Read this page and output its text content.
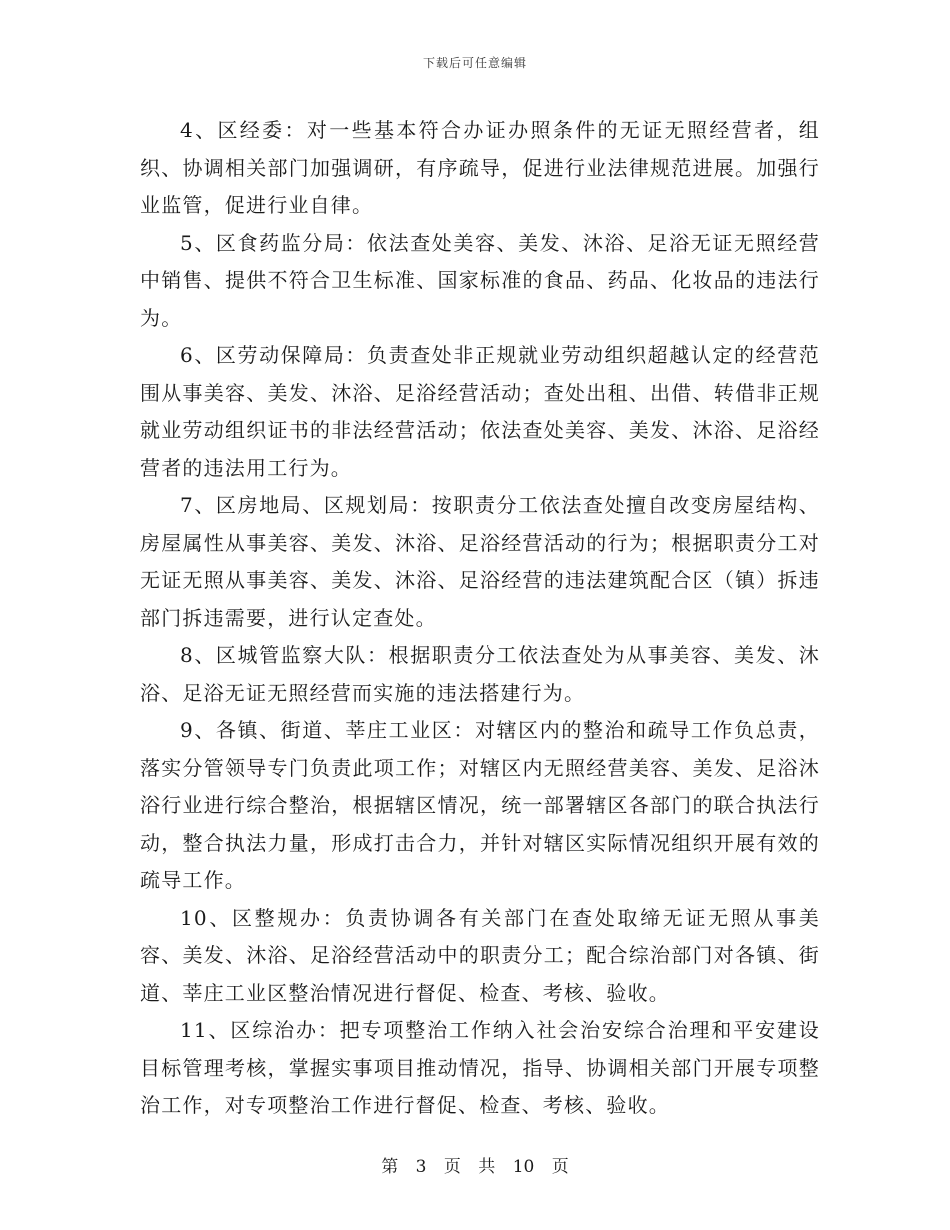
下载后可任意编辑

4、区经委：对一些基本符合办证办照条件的无证无照经营者，组织、协调相关部门加强调研，有序疏导，促进行业法律规范进展。加强行业监管，促进行业自律。

5、区食药监分局：依法查处美容、美发、沐浴、足浴无证无照经营中销售、提供不符合卫生标准、国家标准的食品、药品、化妆品的违法行为。

6、区劳动保障局：负责查处非正规就业劳动组织超越认定的经营范围从事美容、美发、沐浴、足浴经营活动；查处出租、出借、转借非正规就业劳动组织证书的非法经营活动；依法查处美容、美发、沐浴、足浴经营者的违法用工行为。

7、区房地局、区规划局：按职责分工依法查处擅自改变房屋结构、房屋属性从事美容、美发、沐浴、足浴经营活动的行为；根据职责分工对无证无照从事美容、美发、沐浴、足浴经营的违法建筑配合区（镇）拆违部门拆违需要，进行认定查处。

8、区城管监察大队：根据职责分工依法查处为从事美容、美发、沐浴、足浴无证无照经营而实施的违法搭建行为。

9、各镇、街道、莘庄工业区：对辖区内的整治和疏导工作负总责，落实分管领导专门负责此项工作；对辖区内无照经营美容、美发、足浴沐浴行业进行综合整治，根据辖区情况，统一部署辖区各部门的联合执法行动，整合执法力量，形成打击合力，并针对辖区实际情况组织开展有效的疏导工作。

10、区整规办：负责协调各有关部门在查处取缔无证无照从事美容、美发、沐浴、足浴经营活动中的职责分工；配合综治部门对各镇、街道、莘庄工业区整治情况进行督促、检查、考核、验收。

11、区综治办：把专项整治工作纳入社会治安综合治理和平安建设目标管理考核，掌握实事项目推动情况，指导、协调相关部门开展专项整治工作，对专项整治工作进行督促、检查、考核、验收。

第 3 页 共 10 页
